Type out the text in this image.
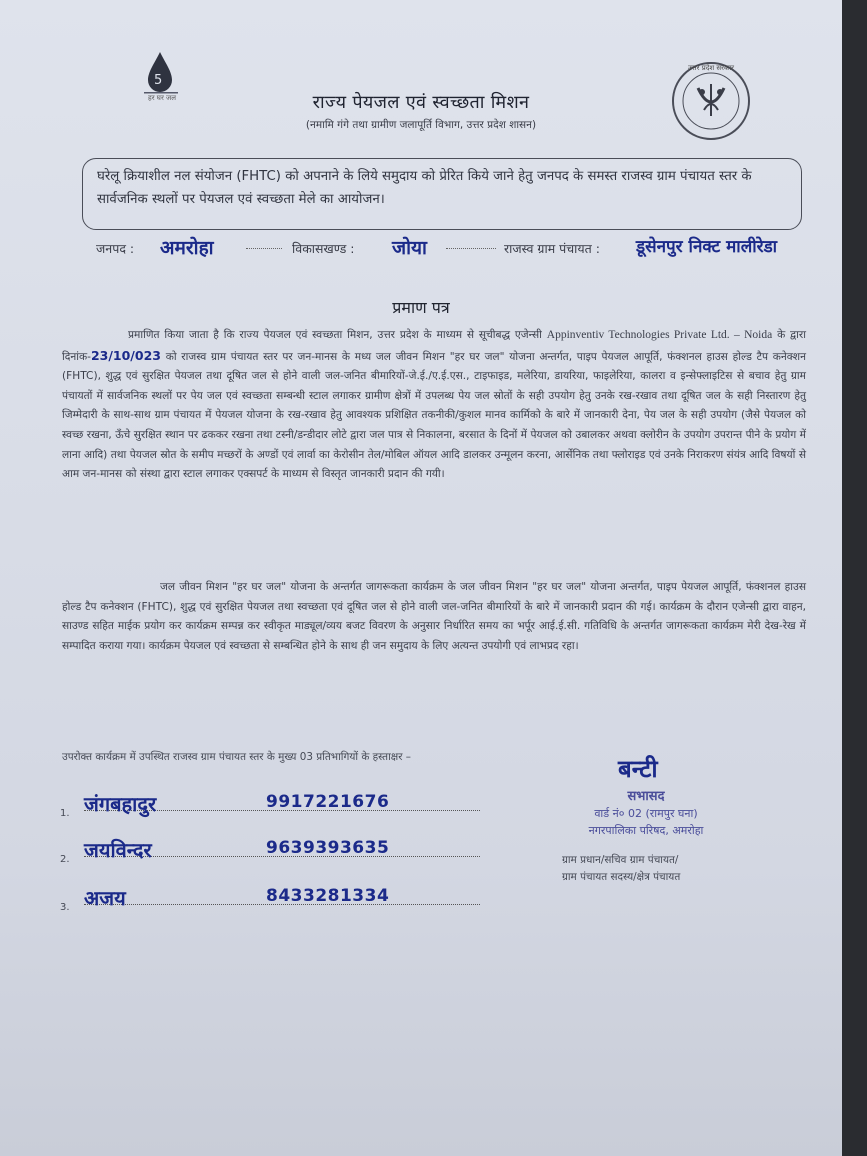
5
हर घर जल
उत्तर प्रदेश सरकार
राज्य पेयजल एवं स्वच्छता मिशन
(नमामि गंगे तथा ग्रामीण जलापूर्ति विभाग, उत्तर प्रदेश शासन)

घरेलू क्रियाशील नल संयोजन (FHTC) को अपनाने के लिये समुदाय को प्रेरित किये जाने हेतु जनपद के समस्त राजस्व ग्राम पंचायत स्तर के सार्वजनिक स्थलों पर पेयजल एवं स्वच्छता मेले का आयोजन।

जनपद : अमरोहा	विकासखण्ड : जोया	राजस्व ग्राम पंचायत : डूसेनपुर निक्ट मालीरेडा
प्रमाण पत्र

प्रमाणित किया जाता है कि राज्य पेयजल एवं स्वच्छता मिशन, उत्तर प्रदेश के माध्यम से सूचीबद्ध एजेन्सी Appinventiv Technologies Private Ltd. – Noida के द्वारा दिनांक-23/10/023 को राजस्व ग्राम पंचायत स्तर पर जन-मानस के मध्य जल जीवन मिशन "हर घर जल" योजना अन्तर्गत, पाइप पेयजल आपूर्ति, फंक्शनल हाउस होल्ड टैप कनेक्शन (FHTC), शुद्ध एवं सुरक्षित पेयजल तथा दूषित जल से होने वाली जल-जनित बीमारियों-जे.ई./ए.ई.एस., टाइफाइड, मलेरिया, डायरिया, फाइलेरिया, कालरा व इन्सेफ्लाइटिस से बचाव हेतु ग्राम पंचायतों में सार्वजनिक स्थलों पर पेय जल एवं स्वच्छता सम्बन्धी स्टाल लगाकर ग्रामीण क्षेत्रों में उपलब्ध पेय जल स्रोतों के सही उपयोग हेतु उनके रख-रखाव तथा दूषित जल के सही निस्तारण हेतु जिम्मेदारी के साथ-साथ ग्राम पंचायत में पेयजल योजना के रख-रखाव हेतु आवश्यक प्रशिक्षित तकनीकी/कुशल मानव कार्मिको के बारे में जानकारी देना, पेय जल के सही उपयोग (जैसे पेयजल को स्वच्छ रखना, ऊँचे सुरक्षित स्थान पर ढककर रखना तथा टस्नी/डन्डीदार लोटे द्वारा जल पात्र से निकालना, बरसात के दिनों में पेयजल को उबालकर अथवा क्लोरीन के उपयोग उपरान्त पीने के प्रयोग में लाना आदि) तथा पेयजल स्रोत के समीप मच्छरों के अण्डों एवं लार्वा का केरोसीन तेल/मोबिल ऑयल आदि डालकर उन्मूलन करना, आर्सेनिक तथा फ्लोराइड एवं उनके निराकरण संयंत्र आदि विषयों से आम जन-मानस को संस्था द्वारा स्टाल लगाकर एक्सपर्ट के माध्यम से विस्तृत जानकारी प्रदान की गयी।

जल जीवन मिशन "हर घर जल" योजना के अन्तर्गत जागरूकता कार्यक्रम के जल जीवन मिशन "हर घर जल" योजना अन्तर्गत, पाइप पेयजल आपूर्ति, फंक्शनल हाउस होल्ड टैप कनेक्शन (FHTC), शुद्ध एवं सुरक्षित पेयजल तथा स्वच्छता एवं दूषित जल से होने वाली जल-जनित बीमारियों के बारे में जानकारी प्रदान की गई। कार्यक्रम के दौरान एजेन्सी द्वारा वाहन, साउण्ड सहित माईक प्रयोग कर कार्यक्रम सम्पन्न कर स्वीकृत माड्यूल/व्यय बजट विवरण के अनुसार निर्धारित समय का भर्पूर आई.ई.सी. गतिविधि के अन्तर्गत जागरूकता कार्यक्रम मेरी देख-रेख में सम्पादित कराया गया। कार्यक्रम पेयजल एवं स्वच्छता से सम्बन्धित होने के साथ ही जन समुदाय के लिए अत्यन्त उपयोगी एवं लाभप्रद रहा।

उपरोक्त कार्यक्रम में उपस्थित राजस्व ग्राम पंचायत स्तर के मुख्य 03 प्रतिभागियों के हस्ताक्षर –
1. जंगबहादुर	9917221676
2. जयविन्दर	9639393635
3. अजय	8433281334
बन्टी
सभासद
वार्ड नं० 02 (रामपुर घना)
नगरपालिका परिषद, अमरोहा
ग्राम प्रधान/सचिव ग्राम पंचायत/
ग्राम पंचायत सदस्य/क्षेत्र पंचायत
